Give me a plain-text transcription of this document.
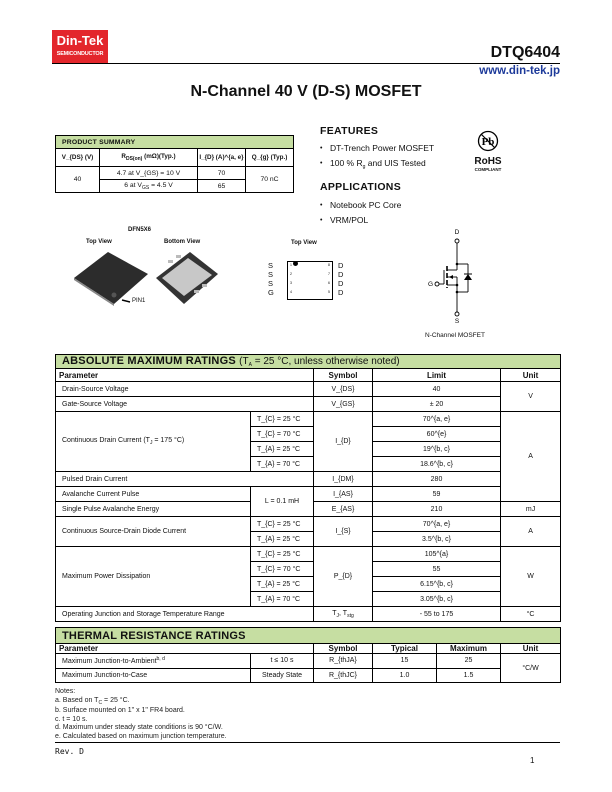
Din-Tek
SEMICONDUCTOR	DTQ6404
www.din-tek.jp
N-Channel 40 V (D-S) MOSFET
PRODUCT SUMMARY			
V_{DS} (V)	$R_{DS(on)}$ (mΩ)(Typ.)	I_{D} (A)^{a, e}	Q_{g} (Typ.)
40	4.7 at V_{GS} = 10 V	70	70 nC
	6 at $V_{GS} = 4.5$ V	65	
FEATURES
• DT-Trench Power MOSFET
• 100 % $R_g$ and UIS Tested
APPLICATIONS
• Notebook PC Core
• VRM/POL
Pb
RoHS
COMPLIANT
DFN5X6
Top View	Bottom View
PIN1
Top View
S
S
S
G
1
2
3
4
8
7
6
5
D
D
D
D
D
G
S
N-Channel MOSFET
ABSOLUTE MAXIMUM RATINGS ($T_A = 25$ °C, unless otherwise noted)				
Parameter		Symbol	Limit	Unit
Drain-Source Voltage		V_{DS}	40	V
Gate-Source Voltage		V_{GS}	± 20	
Continuous Drain Current ($T_J = 175$ °C)	T_{C} = 25 °C	I_{D}	70^{a, e}	A
	T_{C} = 70 °C		60^{e}	
	T_{A} = 25 °C		19^{b, c}	
	T_{A} = 70 °C		18.6^{b, c}	
Pulsed Drain Current		I_{DM}	280	
Avalanche Current Pulse	L = 0.1 mH	I_{AS}	59	
Single Pulse Avalanche Energy		E_{AS}	210	mJ
Continuous Source-Drain Diode Current	T_{C} = 25 °C	I_{S}	70^{a, e}	A
	T_{A} = 25 °C		3.5^{b, c}	
Maximum Power Dissipation	T_{C} = 25 °C	P_{D}	105^{a}	W
	T_{C} = 70 °C		55	
	T_{A} = 25 °C		6.15^{b, c}	
	T_{A} = 70 °C		3.05^{b, c}	
Operating Junction and Storage Temperature Range		$T_J$, $T_{stg}$	- 55 to 175	°C
THERMAL RESISTANCE RATINGS					
Parameter		Symbol	Typical	Maximum	Unit
Maximum Junction-to-Ambient$^{b, d}$	t ≤ 10 s	R_{thJA}	15	25	°C/W
Maximum Junction-to-Case	Steady State	R_{thJC}	1.0	1.5	
Notes:
a. Based on $T_C = 25$ °C.
b. Surface mounted on 1" x 1" FR4 board.
c. t = 10 s.
d. Maximum under steady state conditions is 90 °C/W.
e. Calculated based on maximum junction temperature.
Rev. D
1
